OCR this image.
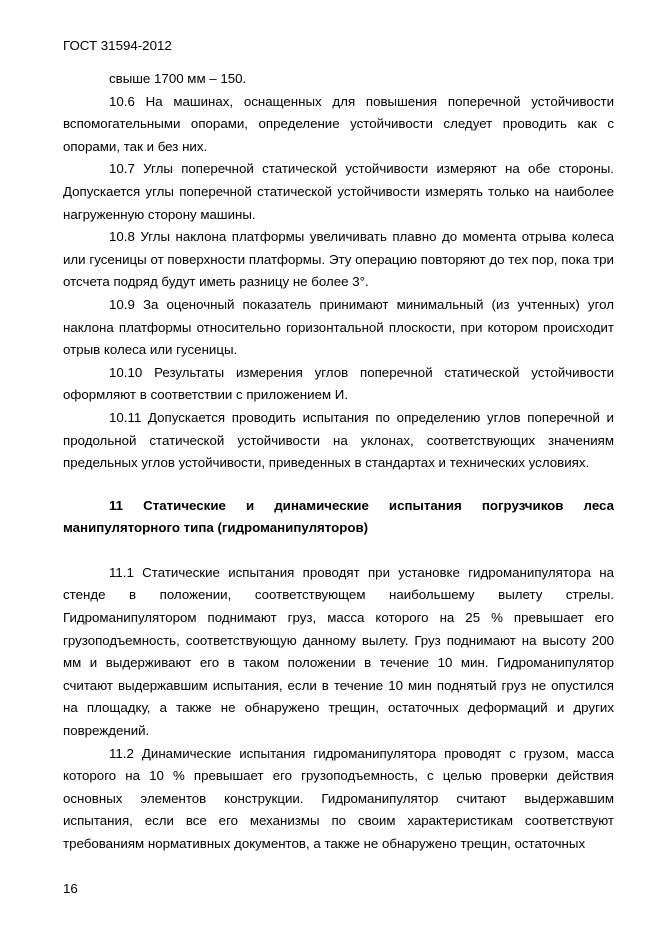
ГОСТ 31594-2012

свыше 1700 мм – 150.

10.6 На машинах, оснащенных для повышения поперечной устойчивости вспомогательными опорами, определение устойчивости следует проводить как с опорами, так и без них.

10.7 Углы поперечной статической устойчивости измеряют на обе стороны. Допускается углы поперечной статической устойчивости измерять только на наиболее нагруженную сторону машины.

10.8 Углы наклона платформы увеличивать плавно до момента отрыва колеса или гусеницы от поверхности платформы. Эту операцию повторяют до тех пор, пока три отсчета подряд будут иметь разницу не более 3°.

10.9 За оценочный показатель принимают минимальный (из учтенных) угол наклона платформы относительно горизонтальной плоскости, при котором происходит отрыв колеса или гусеницы.

10.10 Результаты измерения углов поперечной статической устойчивости оформляют в соответствии с приложением И.

10.11 Допускается проводить испытания по определению углов поперечной и продольной статической устойчивости на уклонах, соответствующих значениям предельных углов устойчивости, приведенных в стандартах и технических условиях.

11 Статические и динамические испытания погрузчиков леса манипуляторного типа (гидроманипуляторов)

11.1 Статические испытания проводят при установке гидроманипулятора на стенде в положении, соответствующем наибольшему вылету стрелы. Гидроманипулятором поднимают груз, масса которого на 25 % превышает его грузоподъемность, соответствующую данному вылету. Груз поднимают на высоту 200 мм и выдерживают его в таком положении в течение 10 мин. Гидроманипулятор считают выдержавшим испытания, если в течение 10 мин поднятый груз не опустился на площадку, а также не обнаружено трещин, остаточных деформаций и других повреждений.

11.2 Динамические испытания гидроманипулятора проводят с грузом, масса которого на 10 % превышает его грузоподъемность, с целью проверки действия основных элементов конструкции. Гидроманипулятор считают выдержавшим испытания, если все его механизмы по своим характеристикам соответствуют требованиям нормативных документов, а также не обнаружено трещин, остаточных

16
